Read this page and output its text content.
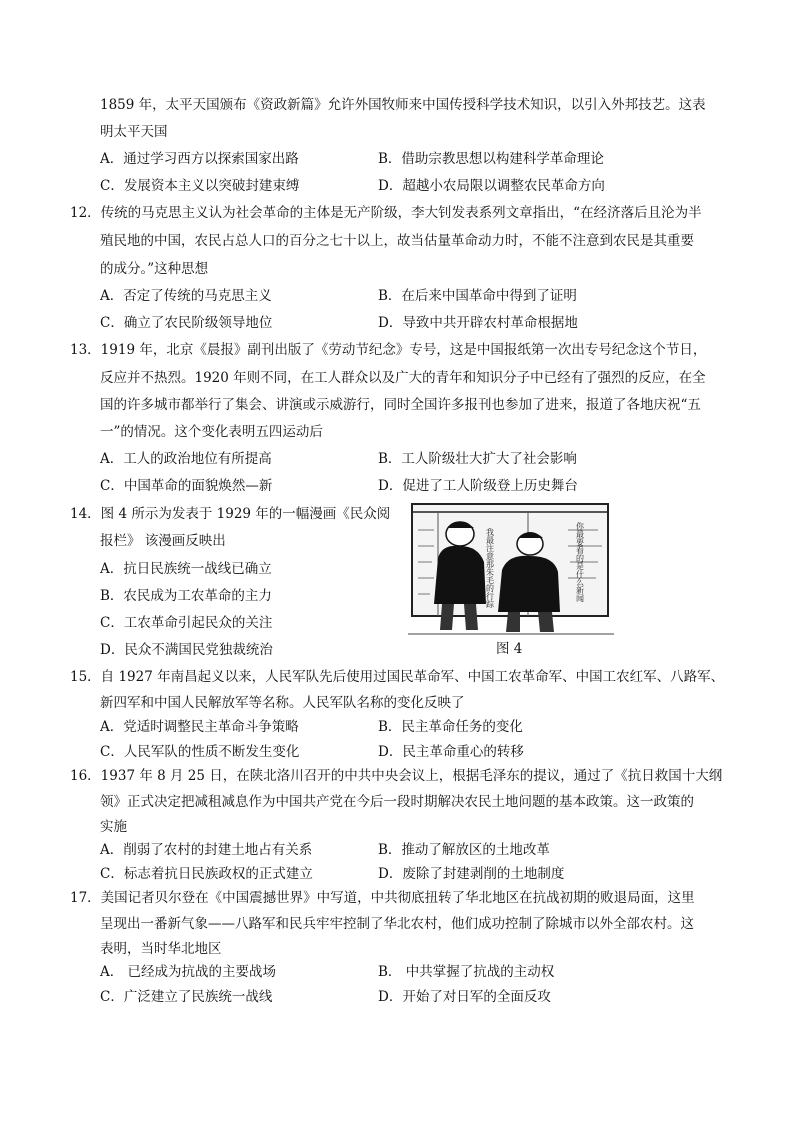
1859 年，太平天国颁布《资政新篇》允许外国牧师来中国传授科学技术知识，以引入外邦技艺。这表
明太平天国
A．通过学习西方以探索国家出路	B．借助宗教思想以构建科学革命理论
C．发展资本主义以突破封建束缚	D．超越小农局限以调整农民革命方向
12．传统的马克思主义认为社会革命的主体是无产阶级，李大钊发表系列文章指出，“在经济落后且沦为半
殖民地的中国，农民占总人口的百分之七十以上，故当估量革命动力时，不能不注意到农民是其重要
的成分。”这种思想
A．否定了传统的马克思主义	B．在后来中国革命中得到了证明
C．确立了农民阶级领导地位	D．导致中共开辟农村革命根据地
13．1919 年，北京《晨报》副刊出版了《劳动节纪念》专号，这是中国报纸第一次出专号纪念这个节日，
反应并不热烈。1920 年则不同，在工人群众以及广大的青年和知识分子中已经有了强烈的反应，在全
国的许多城市都举行了集会、讲演或示威游行，同时全国许多报刊也参加了进来，报道了各地庆祝“五
一”的情况。这个变化表明五四运动后
A．工人的政治地位有所提高	B．工人阶级壮大扩大了社会影响
C．中国革命的面貌焕然—新	D．促进了工人阶级登上历史舞台
14．图 4 所示为发表于 1929 年的一幅漫画《民众阅
报栏》 该漫画反映出
A．抗日民族统一战线已确立
B．农民成为工农革命的主力
C．工农革命引起民众的关注
D．民众不满国民党独裁统治
我最注意那朱毛的行踪	你最要看的是什么新闻
图 4
15．自 1927 年南昌起义以来，人民军队先后使用过国民革命军、中国工农革命军、中国工农红军、八路军、
新四军和中国人民解放军等名称。人民军队名称的变化反映了
A．党适时调整民主革命斗争策略	B．民主革命任务的变化
C．人民军队的性质不断发生变化	D．民主革命重心的转移
16．1937 年 8 月 25 日，在陕北洛川召开的中共中央会议上，根据毛泽东的提议，通过了《抗日救国十大纲
领》正式决定把减租减息作为中国共产党在今后一段时期解决农民土地问题的基本政策。这一政策的
实施
A．削弱了农村的封建土地占有关系	B．推动了解放区的土地改革
C．标志着抗日民族政权的正式建立	D．废除了封建剥削的土地制度
17．美国记者贝尔登在《中国震撼世界》中写道，中共彻底扭转了华北地区在抗战初期的败退局面，这里
呈现出一番新气象——八路军和民兵牢牢控制了华北农村，他们成功控制了除城市以外全部农村。这
表明，当时华北地区
A． 已经成为抗战的主要战场	B． 中共掌握了抗战的主动权
C．广泛建立了民族统一战线	D．开始了对日军的全面反攻
